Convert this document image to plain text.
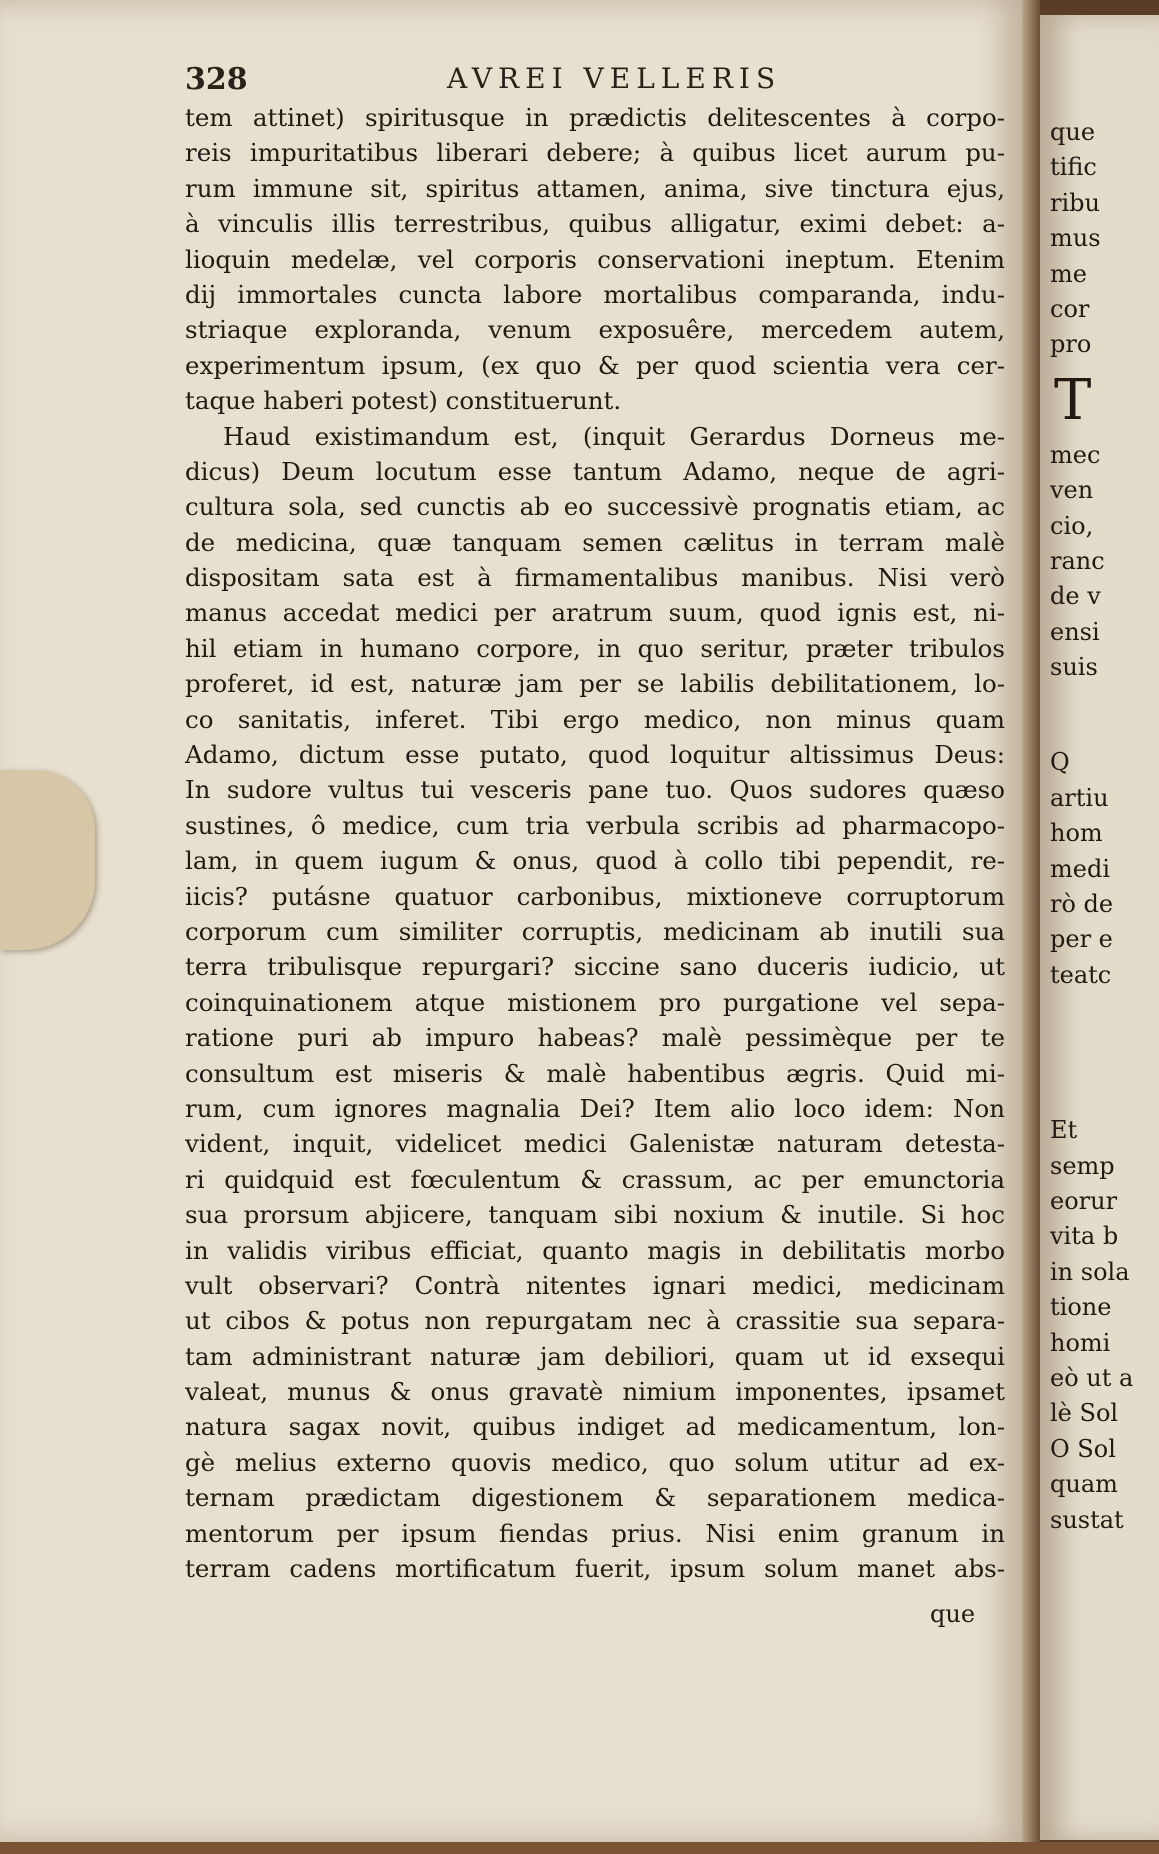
328	AVREI VELLERIS
tem attinet) spiritusque in prædictis delitescentes à corpo-
reis impuritatibus liberari debere; à quibus licet aurum pu-
rum immune sit, spiritus attamen, anima, sive tinctura ejus,
à vinculis illis terrestribus, quibus alligatur, eximi debet: a-
lioquin medelæ, vel corporis conservationi ineptum. Etenim
dij immortales cuncta labore mortalibus comparanda, indu-
striaque exploranda, venum exposuêre, mercedem autem,
experimentum ipsum, (ex quo & per quod scientia vera cer-
taque haberi potest) constituerunt.
Haud existimandum est, (inquit Gerardus Dorneus me-
dicus) Deum locutum esse tantum Adamo, neque de agri-
cultura sola, sed cunctis ab eo successivè prognatis etiam, ac
de medicina, quæ tanquam semen cælitus in terram malè
dispositam sata est à firmamentalibus manibus. Nisi verò
manus accedat medici per aratrum suum, quod ignis est, ni-
hil etiam in humano corpore, in quo seritur, præter tribulos
proferet, id est, naturæ jam per se labilis debilitationem, lo-
co sanitatis, inferet. Tibi ergo medico, non minus quam
Adamo, dictum esse putato, quod loquitur altissimus Deus:
In sudore vultus tui vesceris pane tuo. Quos sudores quæso
sustines, ô medice, cum tria verbula scribis ad pharmacopo-
lam, in quem iugum & onus, quod à collo tibi pependit, re-
iicis? putásne quatuor carbonibus, mixtioneve corruptorum
corporum cum similiter corruptis, medicinam ab inutili sua
terra tribulisque repurgari? siccine sano duceris iudicio, ut
coinquinationem atque mistionem pro purgatione vel sepa-
ratione puri ab impuro habeas? malè pessimèque per te
consultum est miseris & malè habentibus ægris. Quid mi-
rum, cum ignores magnalia Dei? Item alio loco idem: Non
vident, inquit, videlicet medici Galenistæ naturam detesta-
ri quidquid est fœculentum & crassum, ac per emunctoria
sua prorsum abjicere, tanquam sibi noxium & inutile. Si hoc
in validis viribus efficiat, quanto magis in debilitatis morbo
vult observari? Contrà nitentes ignari medici, medicinam
ut cibos & potus non repurgatam nec à crassitie sua separa-
tam administrant naturæ jam debiliori, quam ut id exsequi
valeat, munus & onus gravatè nimium imponentes, ipsamet
natura sagax novit, quibus indiget ad medicamentum, lon-
gè melius externo quovis medico, quo solum utitur ad ex-
ternam prædictam digestionem & separationem medica-
mentorum per ipsum fiendas prius. Nisi enim granum in
terram cadens mortificatum fuerit, ipsum solum manet abs-
que
que
tific
ribu
mus
me
cor
pro
T
mec
ven
cio,
ranc
de v
ensi
suis
Q
artiu
hom
medi
rò de
per e
teatc
Et
semp
eorur
vita b
in sola
tione
homi
eò ut a
lè Sol
O Sol
quam
sustat
